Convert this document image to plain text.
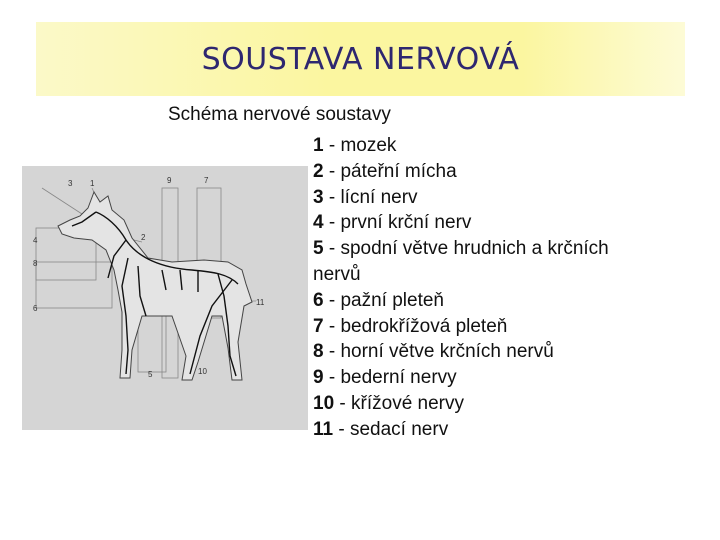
SOUSTAVA NERVOVÁ
Schéma nervové soustavy
1 - mozek
2 - páteřní mícha
3 - lícní nerv
4 - první krční nerv
5 - spodní větve hrudnich a krčních nervů
6 - pažní pleteň
7 - bedrokřížová pleteň
8 - horní větve krčních nervů
9 - bederní nervy
10 - křížové nervy
11 - sedací nerv
3 1	9	7
4	2
8
6
11
5	10
